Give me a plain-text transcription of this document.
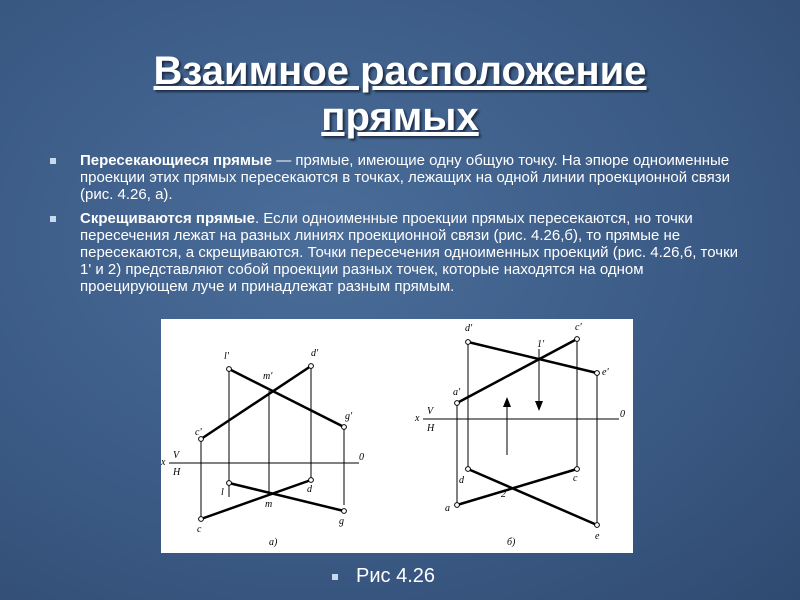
Взаимное расположение
прямых
Пересекающиеся прямые — прямые, имеющие одну общую точку. На эпюре одноименные проекции этих прямых пересекаются в точках, лежащих на одной линии проекционной связи (рис. 4.26, а).
Скрещиваются прямые. Если одноименные проекции прямых пересекаются, но точки пересечения лежат на разных линиях проекционной связи (рис. 4.26,б), то прямые не пересекаются, а скрещиваются. Точки пересечения одноименных проекций (рис. 4.26,б, точки 1' и 2) представляют собой проекции разных точек, которые находятся на одном проецирующем луче и принадлежат разным прямым.
l'	d'
m'
g'
c'
x
V
H
0
l
m
d
g
c
а)
d'
1'
c'
e'
a'
x
V
H
0
d	c
2
a
e
б)
Рис 4.26
